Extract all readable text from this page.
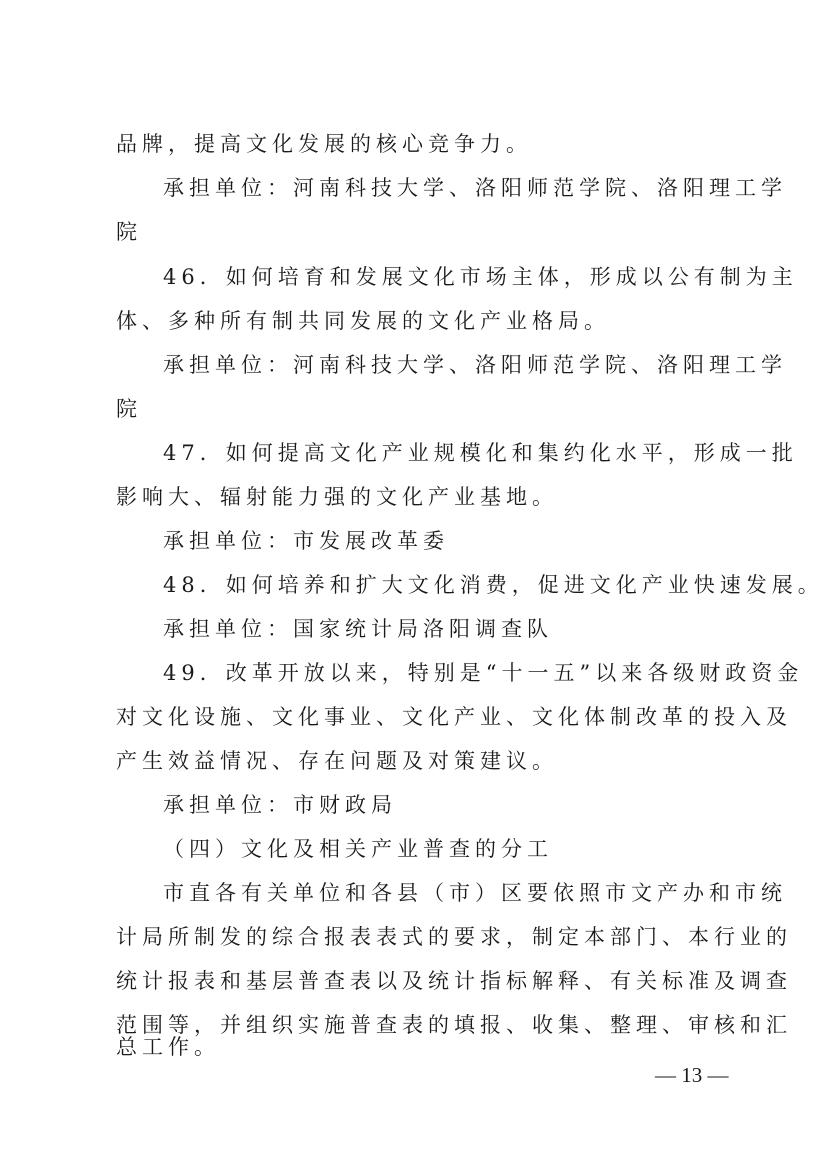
品牌，提高文化发展的核心竞争力。
承担单位：河南科技大学、洛阳师范学院、洛阳理工学
院
46．如何培育和发展文化市场主体，形成以公有制为主
体、多种所有制共同发展的文化产业格局。
承担单位：河南科技大学、洛阳师范学院、洛阳理工学
院
47．如何提高文化产业规模化和集约化水平，形成一批
影响大、辐射能力强的文化产业基地。
承担单位：市发展改革委
48．如何培养和扩大文化消费，促进文化产业快速发展。
承担单位：国家统计局洛阳调查队
49．改革开放以来，特别是“十一五”以来各级财政资金
对文化设施、文化事业、文化产业、文化体制改革的投入及
产生效益情况、存在问题及对策建议。
承担单位：市财政局
（四）文化及相关产业普查的分工
市直各有关单位和各县（市）区要依照市文产办和市统
计局所制发的综合报表表式的要求，制定本部门、本行业的
统计报表和基层普查表以及统计指标解释、有关标准及调查
范围等，并组织实施普查表的填报、收集、整理、审核和汇
总工作。
— 13 —
